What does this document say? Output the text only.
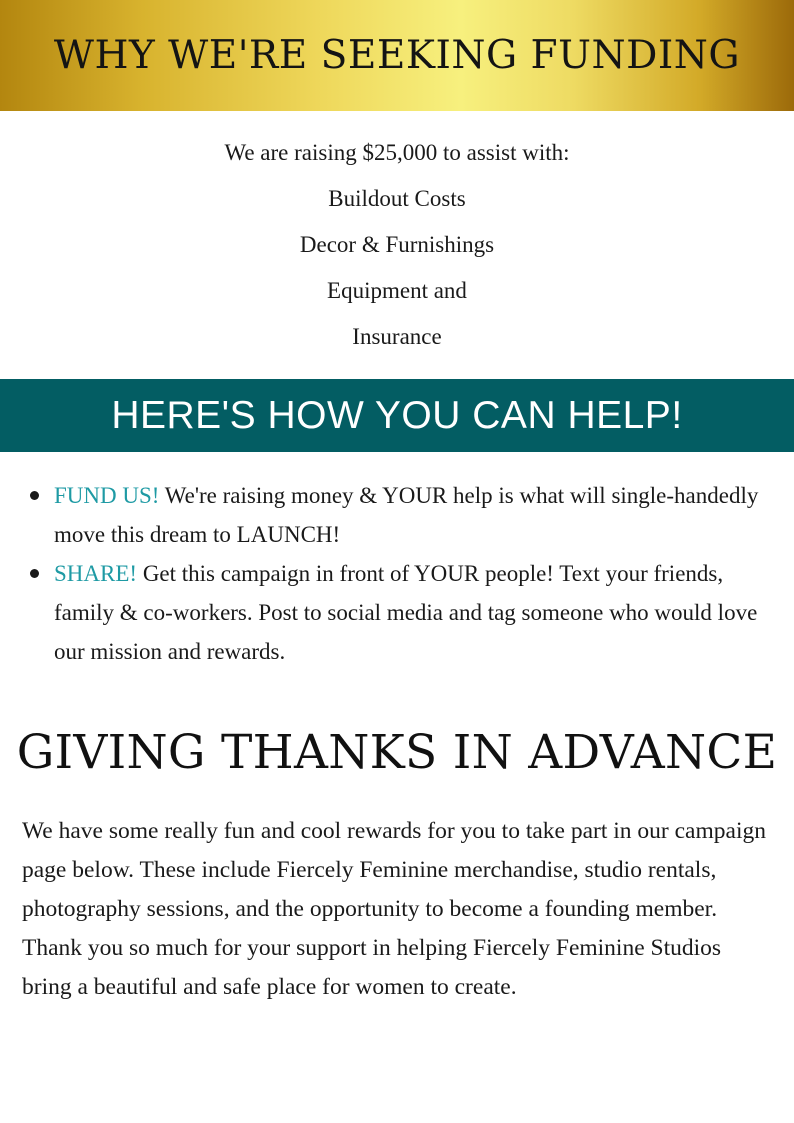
WHY WE'RE SEEKING FUNDING
We are raising $25,000 to assist with:
Buildout Costs
Decor & Furnishings
Equipment and
Insurance
HERE'S HOW YOU CAN HELP!
FUND US! We're raising money & YOUR help is what will single-handedly move this dream to LAUNCH!
SHARE! Get this campaign in front of YOUR people! Text your friends, family & co-workers. Post to social media and tag someone who would love our mission and rewards.
GIVING THANKS IN ADVANCE

We have some really fun and cool rewards for you to take part in our campaign page below. These include Fiercely Feminine merchandise, studio rentals, photography sessions, and the opportunity to become a founding member. Thank you so much for your support in helping Fiercely Feminine Studios bring a beautiful and safe place for women to create.
